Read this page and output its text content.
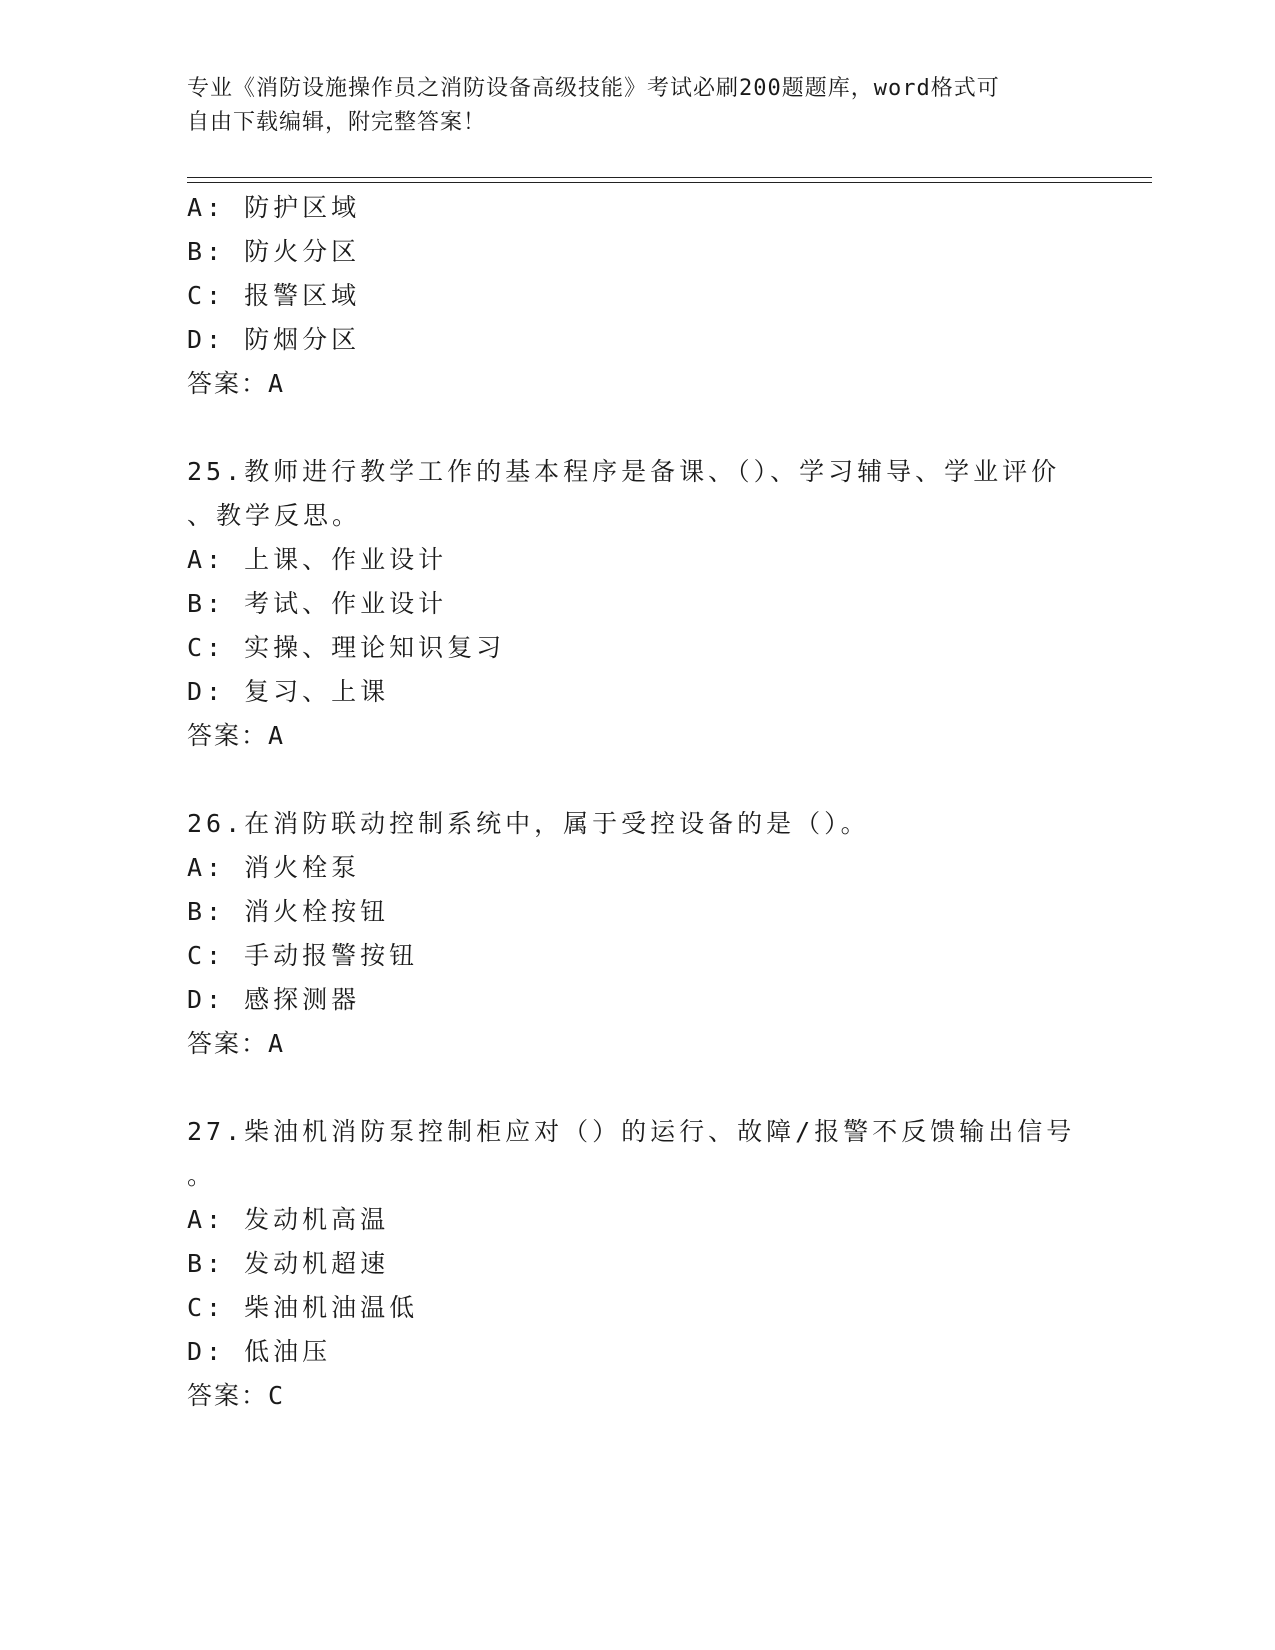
专业《消防设施操作员之消防设备高级技能》考试必刷200题题库，word格式可
自由下载编辑，附完整答案！
A: 防护区域
B: 防火分区
C: 报警区域
D: 防烟分区
答案：A
25.教师进行教学工作的基本程序是备课、（）、学习辅导、学业评价
、教学反思。
A: 上课、作业设计
B: 考试、作业设计
C: 实操、理论知识复习
D: 复习、上课
答案：A
26.在消防联动控制系统中，属于受控设备的是（）。
A: 消火栓泵
B: 消火栓按钮
C: 手动报警按钮
D: 感探测器
答案：A
27.柴油机消防泵控制柜应对（）的运行、故障/报警不反馈输出信号
。
A: 发动机高温
B: 发动机超速
C: 柴油机油温低
D: 低油压
答案：C
